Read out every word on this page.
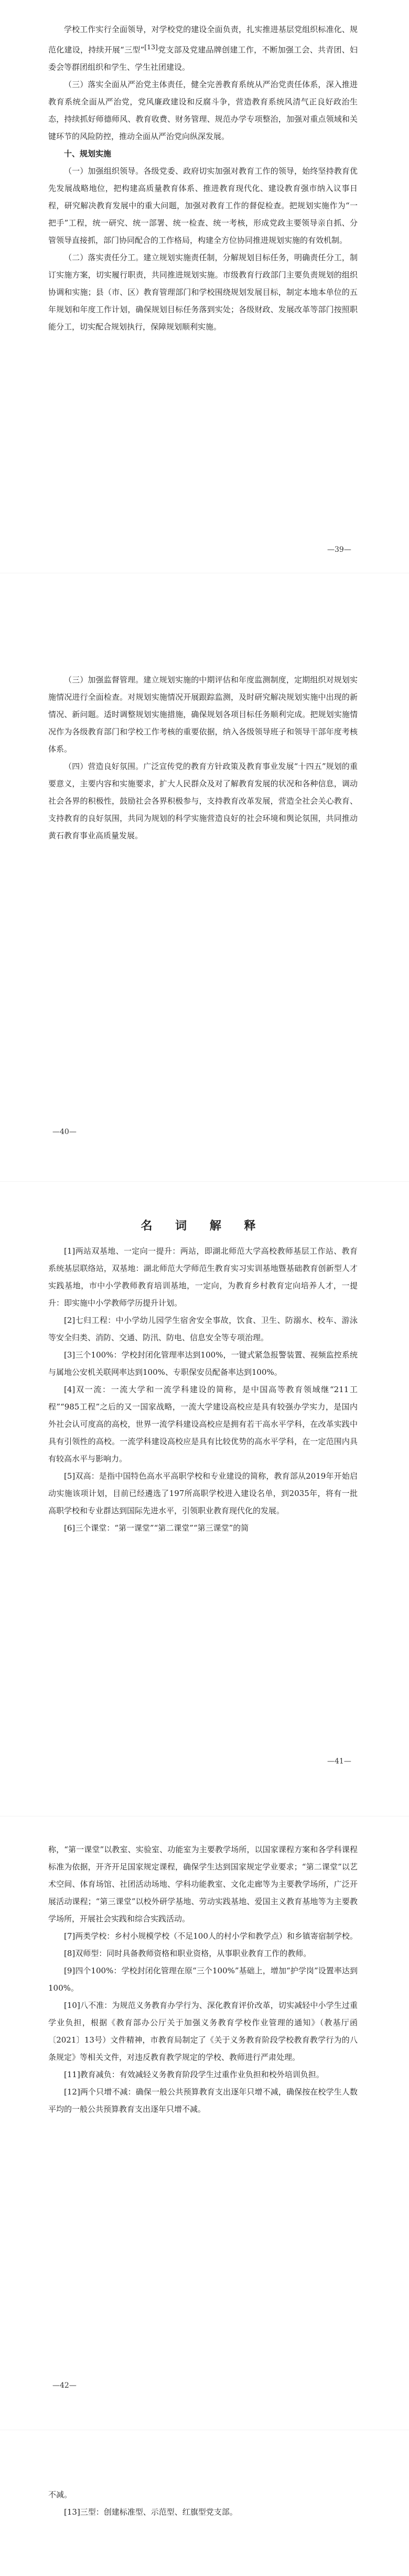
学校工作实行全面领导，对学校党的建设全面负责，扎实推进基层党组织标准化、规范化建设，持续开展“三型”[13]党支部及党建品牌创建工作，不断加强工会、共青团、妇委会等群团组织和学生、学生社团建设。

（三）落实全面从严治党主体责任，健全完善教育系统从严治党责任体系，深入推进教育系统全面从严治党，党风廉政建设和反腐斗争，营造教育系统风清气正良好政治生态，持续抓好师德师风、教育收费、财务管理、规范办学专项整治，加强对重点领域和关键环节的风险防控，推动全面从严治党向纵深发展。

十、规划实施

（一）加强组织领导。各级党委、政府切实加强对教育工作的领导，始终坚持教育优先发展战略地位，把构建高质量教育体系、推进教育现代化、建设教育强市纳入议事日程，研究解决教育发展中的重大问题，加强对教育工作的督促检查。把规划实施作为“一把手”工程，统一研究、统一部署、统一检查、统一考核，形成党政主要领导亲自抓、分管领导直接抓，部门协同配合的工作格局，构建全方位协同推进规划实施的有效机制。

（二）落实责任分工。建立规划实施责任制，分解规划目标任务，明确责任分工，制订实施方案，切实履行职责，共同推进规划实施。市级教育行政部门主要负责规划的组织协调和实施；县（市、区）教育管理部门和学校围绕规划发展目标，制定本地本单位的五年规划和年度工作计划，确保规划目标任务落到实处；各级财政、发展改革等部门按照职能分工，切实配合规划执行，保障规划顺利实施。

—39—

（三）加强监督管理。建立规划实施的中期评估和年度监测制度，定期组织对规划实施情况进行全面检查。对规划实施情况开展跟踪监测，及时研究解决规划实施中出现的新情况、新问题。适时调整规划实施措施，确保规划各项目标任务顺利完成。把规划实施情况作为各级教育部门和学校工作考核的重要依据，纳入各级领导班子和领导干部年度考核体系。

（四）营造良好氛围。广泛宣传党的教育方针政策及教育事业发展“十四五”规划的重要意义，主要内容和实施要求，扩大人民群众及对了解教育发展的状况和各种信息，调动社会各界的积极性，鼓励社会各界积极参与，支持教育改革发展，营造全社会关心教育、支持教育的良好氛围，共同为规划的科学实施营造良好的社会环境和舆论氛围，共同推动黄石教育事业高质量发展。

—40—
名 词 解 释

[1]两站双基地、一定向一提升：两站，即湖北师范大学高校教师基层工作站、教育系统基层联络站，双基地：湖北师范大学师范生教育实习实训基地暨基础教育创新型人才实践基地，市中小学教师教育培训基地，一定向，为教育乡村教育定向培养人才，一提升：即实施中小学教师学历提升计划。

[2]七归工程：中小学幼儿园学生宿舍安全事故，饮食、卫生、防溺水、校车、游泳等安全归类、消防、交通、防汛、防电、信息安全等专项治理。

[3]三个100%：学校封闭化管理率达到100%，一键式紧急报警装置、视频监控系统与属地公安机关联网率达到100%、专职保安员配备率达到100%。

[4]双一流：一流大学和一流学科建设的简称，是中国高等教育领域继“211工程”“985工程”之后的又一国家战略，一流大学建设高校应是具有较强办学实力，是国内外社会认可度高的高校，世界一流学科建设高校应是拥有若干高水平学科，在改革实践中具有引领性的高校。一流学科建设高校应是具有比较优势的高水平学科，在一定范围内具有较高水平与影响力。

[5]双高：是指中国特色高水平高职学校和专业建设的简称，教育部从2019年开始启动实施该项计划，目前已经遴选了197所高职学校进入建设名单，到2035年，将有一批高职学校和专业群达到国际先进水平，引领职业教育现代化的发展。

[6]三个课堂：“第一课堂”“第二课堂”“第三课堂”的简

—41—

称，“第一课堂”以教室、实验室、功能室为主要教学场所，以国家课程方案和各学科课程标准为依据，开齐开足国家规定课程，确保学生达到国家规定学业要求；“第二课堂”以艺术空间、体育场馆、社团活动场地、学科功能教室、文化走廊等为主要教学场所，广泛开展活动课程；“第三课堂”以校外研学基地、劳动实践基地、爱国主义教育基地等为主要教学场所，开展社会实践和综合实践活动。

[7]两类学校：乡村小规模学校（不足100人的村小学和教学点）和乡镇寄宿制学校。

[8]双师型：同时具备教师资格和职业资格，从事职业教育工作的教师。

[9]四个100%：学校封闭化管理在原“三个100%”基础上，增加“护学岗”设置率达到100%。

[10]八不准：为规范义务教育办学行为、深化教育评价改革，切实减轻中小学生过重学业负担，根据《教育部办公厅关于加强义务教育学校作业管理的通知》（教基厅函〔2021〕13号）文件精神，市教育局制定了《关于义务教育阶段学校教育教学行为的八条规定》等相关文件，对违反教育教学规定的学校、教师进行严肃处理。

[11]教育减负：有效减轻义务教育阶段学生过重作业负担和校外培训负担。

[12]两个只增不减：确保一般公共预算教育支出逐年只增不减，确保按在校学生人数平均的一般公共预算教育支出逐年只增不减。

—42—

不减。

[13]三型：创建标准型、示范型、红旗型党支部。
